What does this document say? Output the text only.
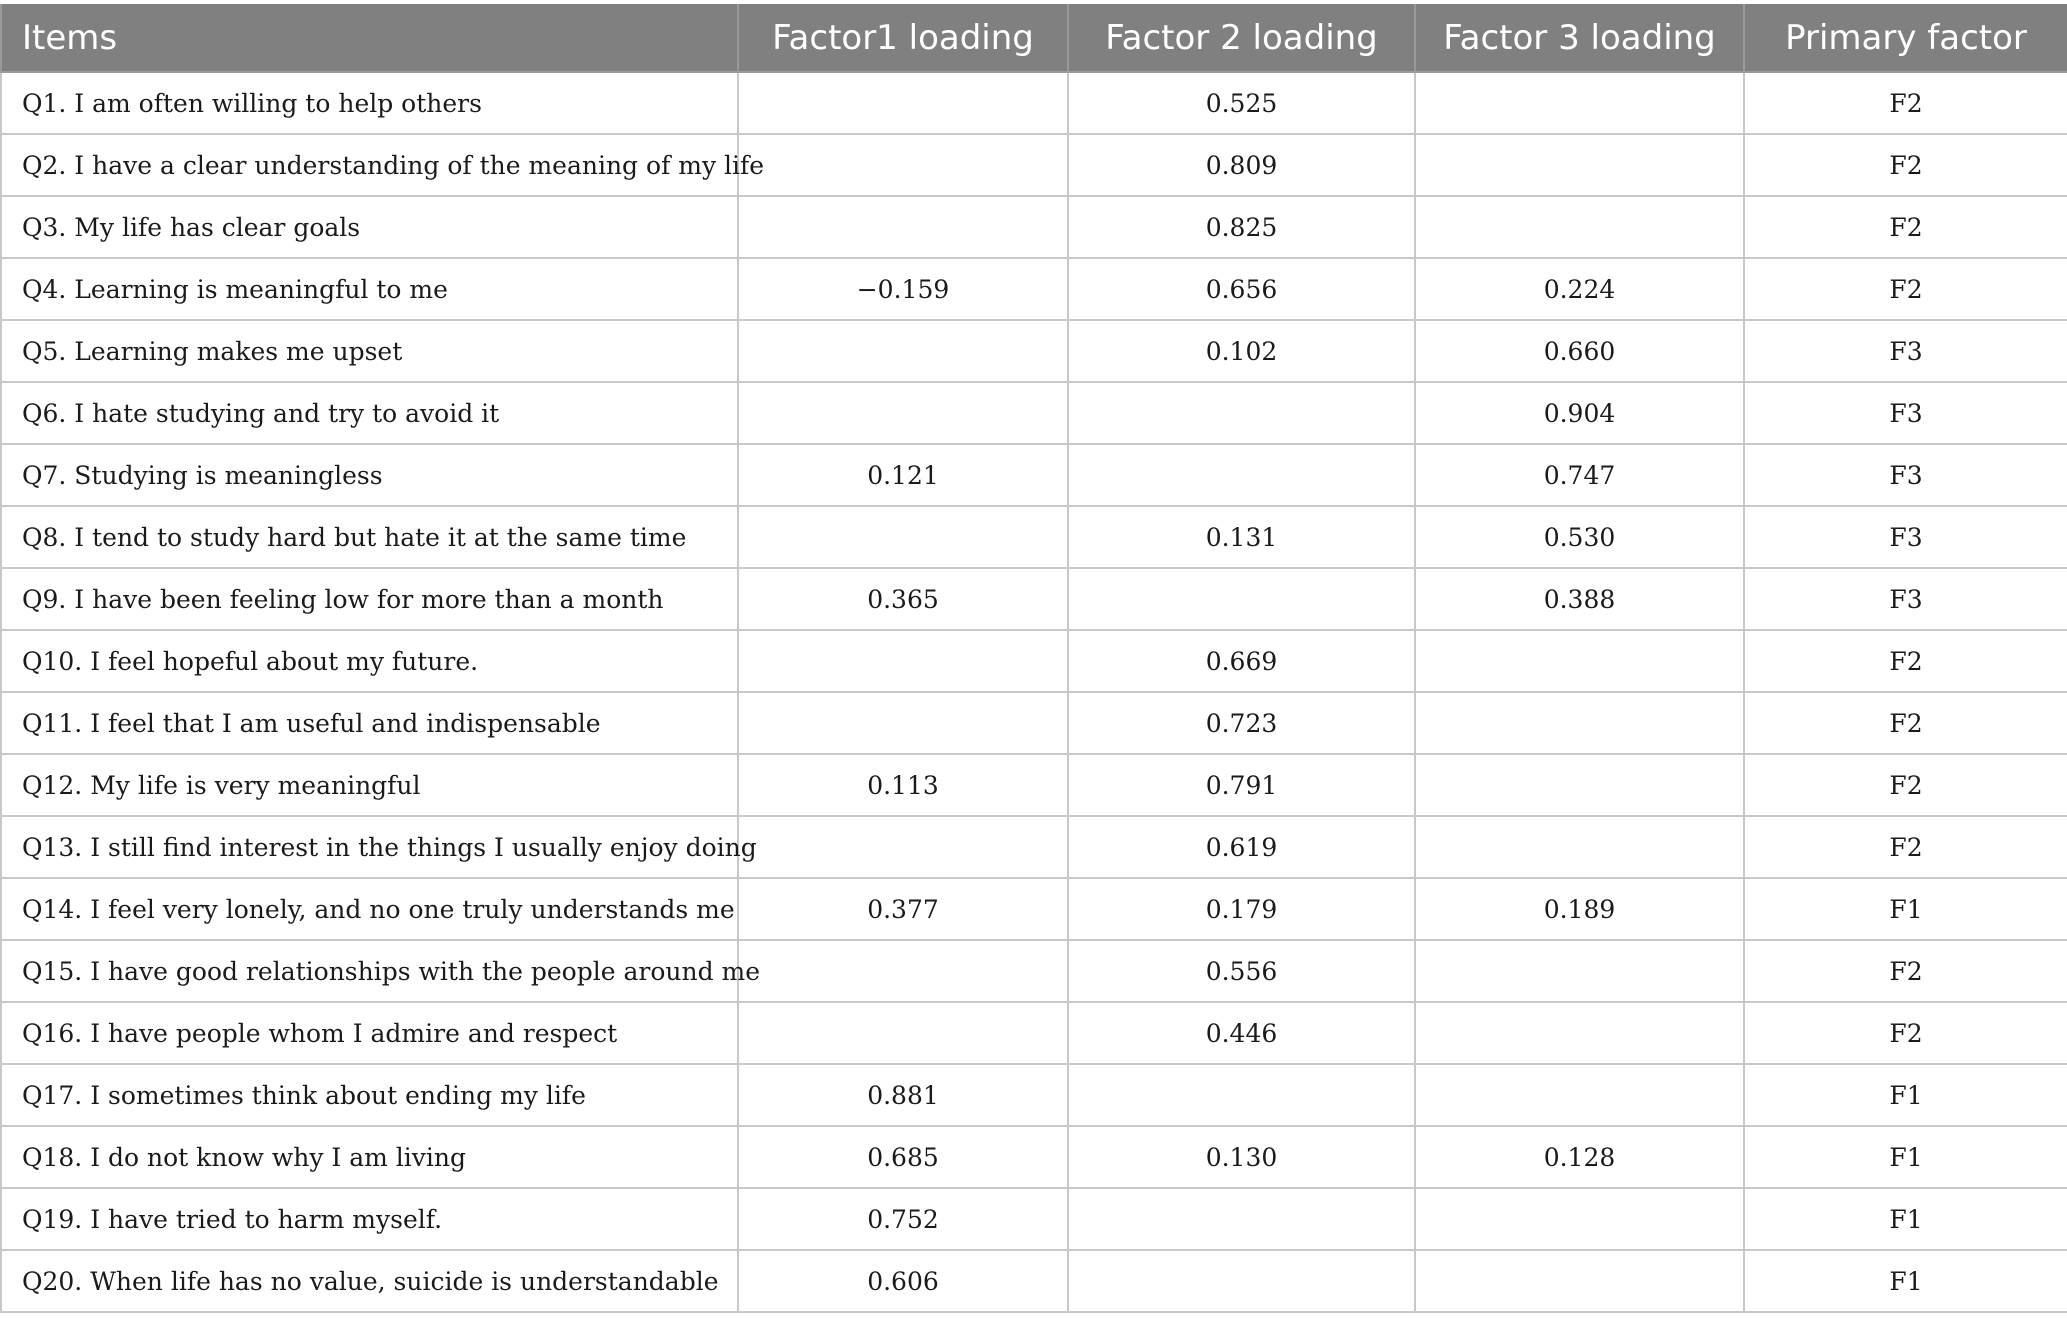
Items	Factor1 loading	Factor 2 loading	Factor 3 loading	Primary factor
Q1. I am often willing to help others		0.525		F2
Q2. I have a clear understanding of the meaning of my life		0.809		F2
Q3. My life has clear goals		0.825		F2
Q4. Learning is meaningful to me	−0.159	0.656	0.224	F2
Q5. Learning makes me upset		0.102	0.660	F3
Q6. I hate studying and try to avoid it			0.904	F3
Q7. Studying is meaningless	0.121		0.747	F3
Q8. I tend to study hard but hate it at the same time		0.131	0.530	F3
Q9. I have been feeling low for more than a month	0.365		0.388	F3
Q10. I feel hopeful about my future.		0.669		F2
Q11. I feel that I am useful and indispensable		0.723		F2
Q12. My life is very meaningful	0.113	0.791		F2
Q13. I still find interest in the things I usually enjoy doing		0.619		F2
Q14. I feel very lonely, and no one truly understands me	0.377	0.179	0.189	F1
Q15. I have good relationships with the people around me		0.556		F2
Q16. I have people whom I admire and respect		0.446		F2
Q17. I sometimes think about ending my life	0.881			F1
Q18. I do not know why I am living	0.685	0.130	0.128	F1
Q19. I have tried to harm myself.	0.752			F1
Q20. When life has no value, suicide is understandable	0.606			F1
